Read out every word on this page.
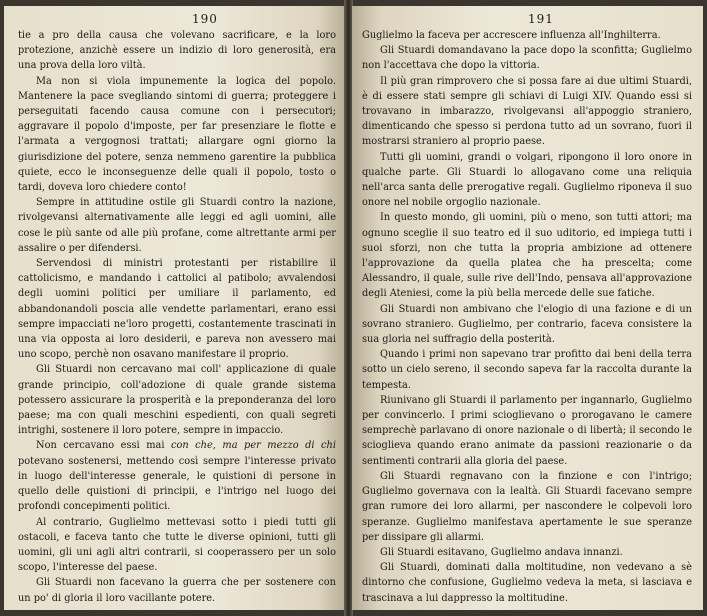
190

tie a pro della causa che volevano sacrificare, e la loro protezione, anzichè essere un indizio di loro generosità, era una prova della loro viltà.

Ma non si viola impunemente la logica del popolo. Mantenere la pace svegliando sintomi di guerra; proteggere i perseguitati facendo causa comune con i persecutori; aggravare il popolo d'imposte, per far presenziare le flotte e l'armata a vergognosi trattati; allargare ogni giorno la giurisdizione del potere, senza nemmeno garentire la pubblica quiete, ecco le inconseguenze delle quali il popolo, tosto o tardi, doveva loro chiedere conto!

Sempre in attitudine ostile gli Stuardi contro la nazione, rivolgevansi alternativamente alle leggi ed agli uomini, alle cose le più sante od alle più profane, come altrettante armi per assalire o per difendersi.

Servendosi di ministri protestanti per ristabilire il cattolicismo, e mandando i cattolici al patibolo; avvalendosi degli uomini politici per umiliare il parlamento, ed abbandonandoli poscia alle vendette parlamentari, erano essi sempre impacciati ne'loro progetti, costantemente trascinati in una via opposta ai loro desiderii, e pareva non avessero mai uno scopo, perchè non osavano manifestare il proprio.

Gli Stuardi non cercavano mai coll' applicazione di quale grande principio, coll'adozione di quale grande sistema potessero assicurare la prosperità e la preponderanza del loro paese; ma con quali meschini espedienti, con quali segreti intrighi, sostenere il loro potere, sempre in impaccio.

Non cercavano essi mai con che, ma per mezzo di chi potevano sostenersi, mettendo così sempre l'interesse privato in luogo dell'interesse generale, le quistioni di persone in quello delle quistioni di principii, e l'intrigo nel luogo dei profondi concepimenti politici.

Al contrario, Guglielmo mettevasi sotto i piedi tutti gli ostacoli, e faceva tanto che tutte le diverse opinioni, tutti gli uomini, gli uni agli altri contrarii, si cooperassero per un solo scopo, l'interesse del paese.

Gli Stuardi non facevano la guerra che per sostenere con un po' di gloria il loro vacillante potere.

191

Guglielmo la faceva per accrescere influenza all'Inghilterra.

Gli Stuardi domandavano la pace dopo la sconfitta; Guglielmo non l'accettava che dopo la vittoria.

Il più gran rimprovero che si possa fare ai due ultimi Stuardi, è di essere stati sempre gli schiavi di Luigi XIV. Quando essi si trovavano in imbarazzo, rivolgevansi all'appoggio straniero, dimenticando che spesso si perdona tutto ad un sovrano, fuori il mostrarsi straniero al proprio paese.

Tutti gli uomini, grandi o volgari, ripongono il loro onore in qualche parte. Gli Stuardi lo allogavano come una reliquia nell'arca santa delle prerogative regali. Guglielmo riponeva il suo onore nel nobile orgoglio nazionale.

In questo mondo, gli uomini, più o meno, son tutti attori; ma ognuno sceglie il suo teatro ed il suo uditorio, ed impiega tutti i suoi sforzi, non che tutta la propria ambizione ad ottenere l'approvazione da quella platea che ha prescelta; come Alessandro, il quale, sulle rive dell'Indo, pensava all'approvazione degli Ateniesi, come la più bella mercede delle sue fatiche.

Gli Stuardi non ambivano che l'elogio di una fazione e di un sovrano straniero. Guglielmo, per contrario, faceva consistere la sua gloria nel suffragio della posterità.

Quando i primi non sapevano trar profitto dai beni della terra sotto un cielo sereno, il secondo sapeva far la raccolta durante la tempesta.

Riunivano gli Stuardi il parlamento per ingannarlo, Guglielmo per convincerlo. I primi scioglievano o prorogavano le camere semprechè parlavano di onore nazionale o di libertà; il secondo le scioglieva quando erano animate da passioni reazionarie o da sentimenti contrarii alla gloria del paese.

Gli Stuardi regnavano con la finzione e con l'intrigo; Guglielmo governava con la lealtà. Gli Stuardi facevano sempre gran rumore dei loro allarmi, per nascondere le colpevoli loro speranze. Guglielmo manifestava apertamente le sue speranze per dissipare gli allarmi.

Gli Stuardi esitavano, Guglielmo andava innanzi.

Gli Stuardi, dominati dalla moltitudine, non vedevano a sè dintorno che confusione, Guglielmo vedeva la meta, si lasciava e trascinava a lui dappresso la moltitudine.
